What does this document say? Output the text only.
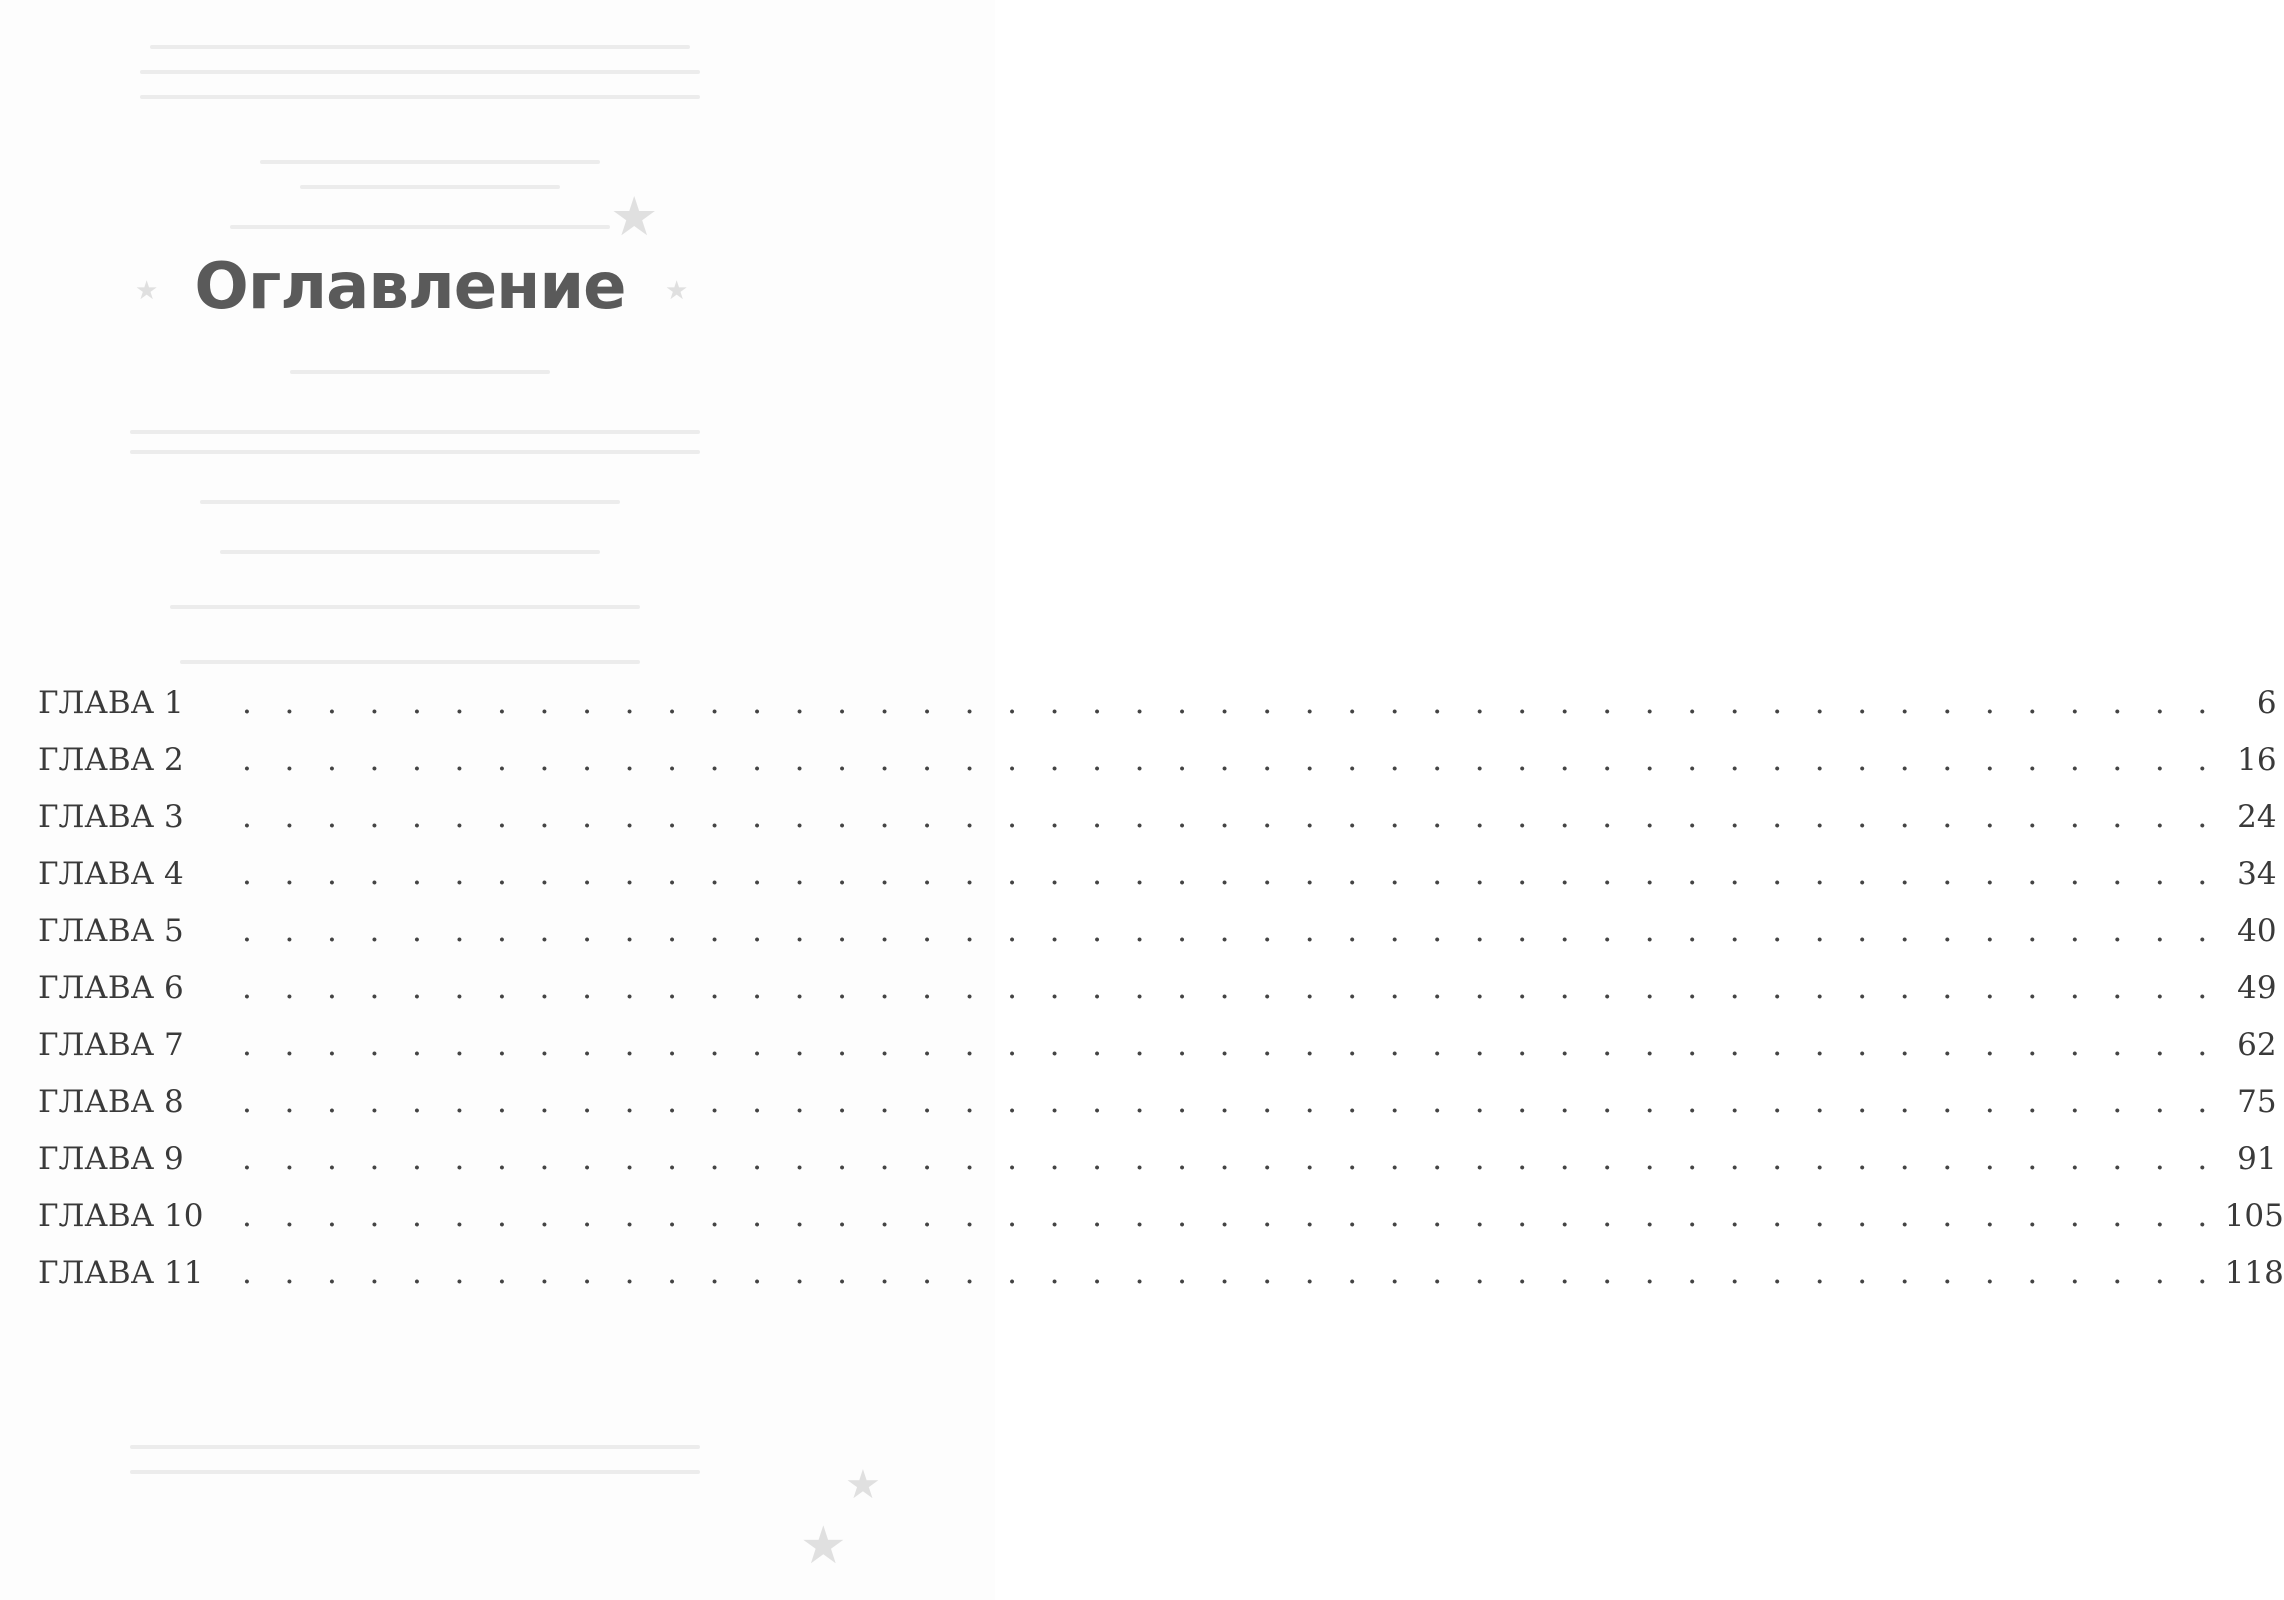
★
★	★
★
★
Оглавление
ГЛАВА 1	. . . . . . . . . . . . . . . . . . . . . . . . . . . . . . . . . . . . . . . . . . . . . . .	6
ГЛАВА 2	. . . . . . . . . . . . . . . . . . . . . . . . . . . . . . . . . . . . . . . . . . . . . . . 16
ГЛАВА 3	. . . . . . . . . . . . . . . . . . . . . . . . . . . . . . . . . . . . . . . . . . . . . . . 24
ГЛАВА 4	. . . . . . . . . . . . . . . . . . . . . . . . . . . . . . . . . . . . . . . . . . . . . . . 34
ГЛАВА 5	. . . . . . . . . . . . . . . . . . . . . . . . . . . . . . . . . . . . . . . . . . . . . . . 40
ГЛАВА 6	. . . . . . . . . . . . . . . . . . . . . . . . . . . . . . . . . . . . . . . . . . . . . . . 49
ГЛАВА 7	. . . . . . . . . . . . . . . . . . . . . . . . . . . . . . . . . . . . . . . . . . . . . . . 62
ГЛАВА 8	. . . . . . . . . . . . . . . . . . . . . . . . . . . . . . . . . . . . . . . . . . . . . . . 75
ГЛАВА 9	. . . . . . . . . . . . . . . . . . . . . . . . . . . . . . . . . . . . . . . . . . . . . . . 91
ГЛАВА 10	. . . . . . . . . . . . . . . . . . . . . . . . . . . . . . . . . . . . . . . . . . . . . . . 105
ГЛАВА 11	. . . . . . . . . . . . . . . . . . . . . . . . . . . . . . . . . . . . . . . . . . . . . . . 118
